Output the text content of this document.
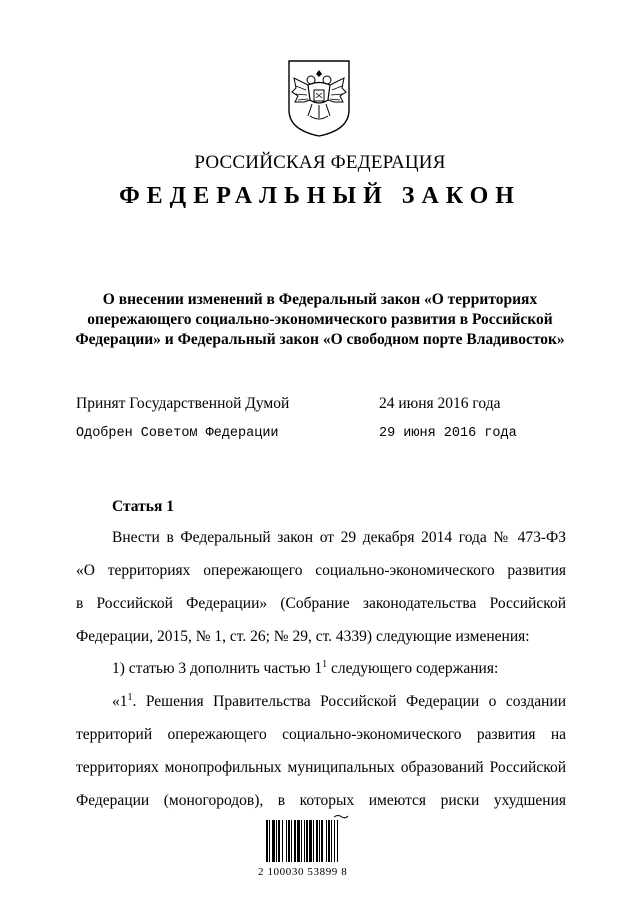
РОССИЙСКАЯ ФЕДЕРАЦИЯ
ФЕДЕРАЛЬНЫЙ ЗАКОН
О внесении изменений в Федеральный закон «О территориях
опережающего социально-экономического развития в Российской
Федерации» и Федеральный закон «О свободном порте Владивосток»
Принят Государственной Думой	24 июня 2016 года
Одобрен Советом Федерации	29 июня 2016 года
Статья 1
Внести в Федеральный закон от 29 декабря 2014 года № 473-ФЗ
«О территориях опережающего социально-экономического развития
в Российской Федерации» (Собрание законодательства Российской
Федерации, 2015, № 1, ст. 26; № 29, ст. 4339) следующие изменения:
1) статью 3 дополнить частью $1^1$ следующего содержания:
«$1^1$. Решения Правительства Российской Федерации о создании
территорий опережающего социально-экономического развития на
территориях монопрофильных муниципальных образований Российской
Федерации (моногородов), в которых имеются риски ухудшения
2 100030 53899 8
